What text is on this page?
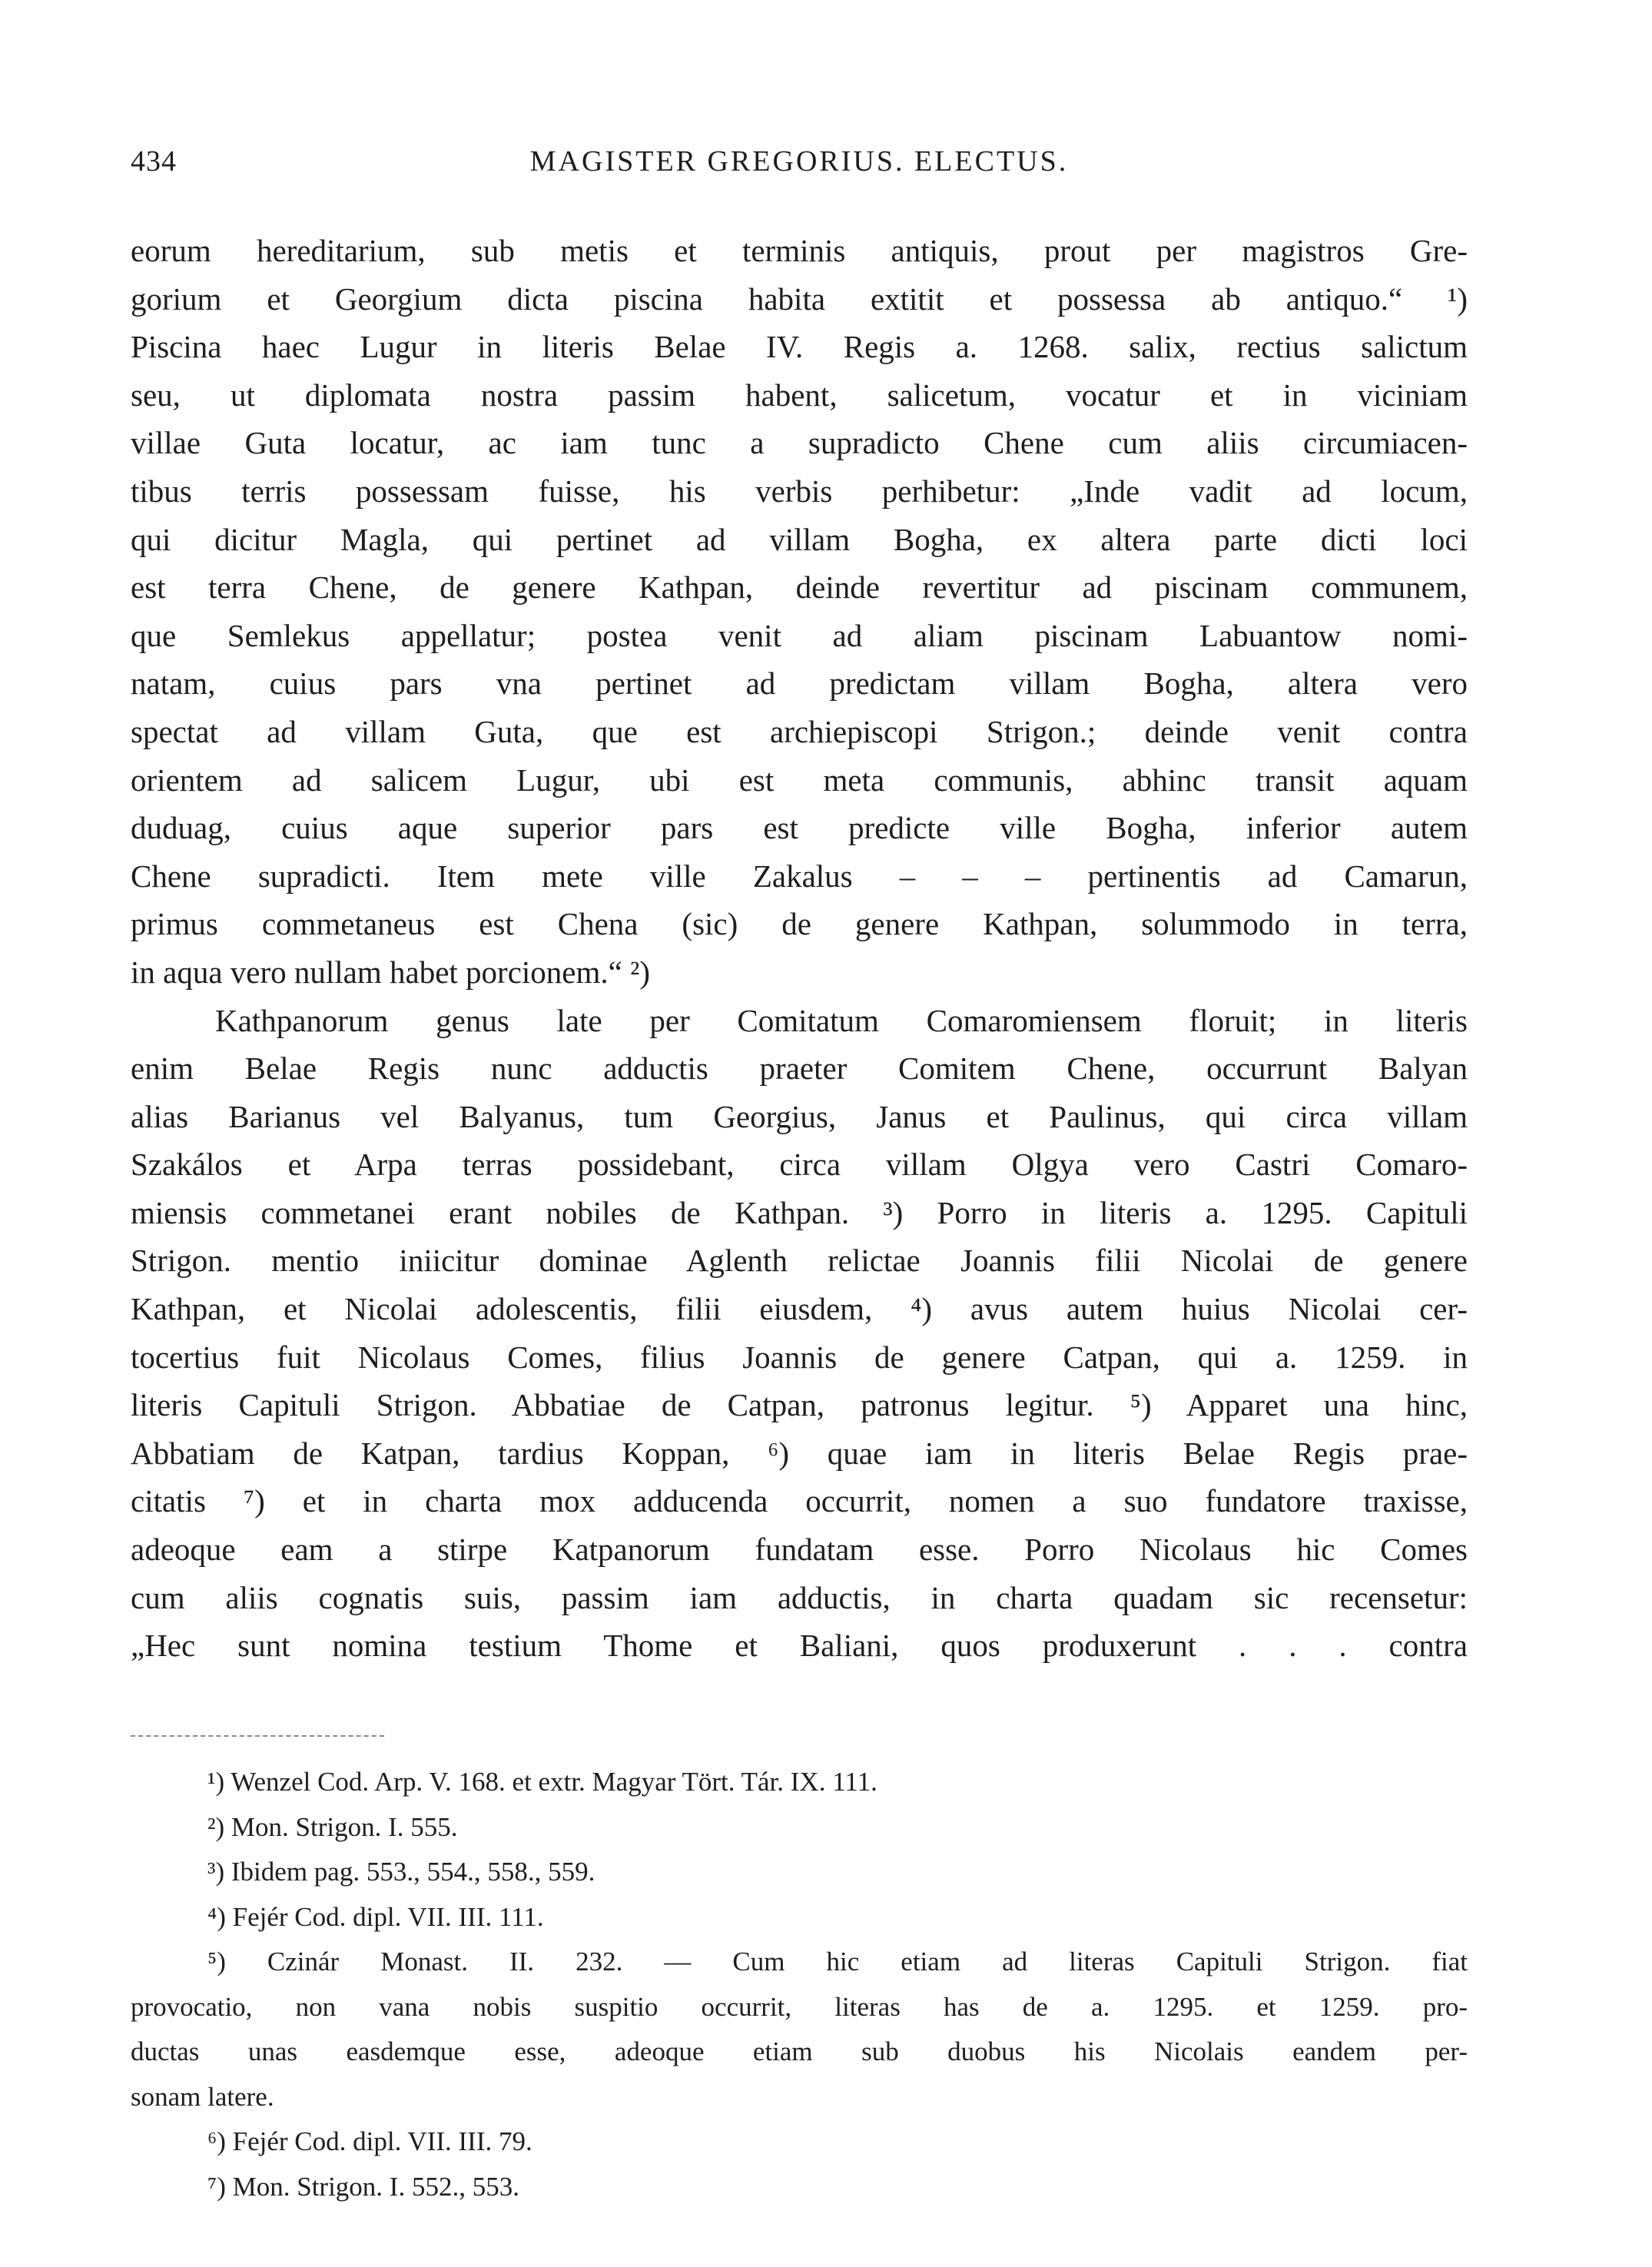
434	MAGISTER GREGORIUS. ELECTUS.
eorum hereditarium, sub metis et terminis antiquis, prout per magistros Gre-
gorium et Georgium dicta piscina habita extitit et possessa ab antiquo.“ ¹)
Piscina haec Lugur in literis Belae IV. Regis a. 1268. salix, rectius salictum
seu, ut diplomata nostra passim habent, salicetum, vocatur et in viciniam
villae Guta locatur, ac iam tunc a supradicto Chene cum aliis circumiacen-
tibus terris possessam fuisse, his verbis perhibetur: „Inde vadit ad locum,
qui dicitur Magla, qui pertinet ad villam Bogha, ex altera parte dicti loci
est terra Chene, de genere Kathpan, deinde revertitur ad piscinam communem,
que Semlekus appellatur; postea venit ad aliam piscinam Labuantow nomi-
natam, cuius pars vna pertinet ad predictam villam Bogha, altera vero
spectat ad villam Guta, que est archiepiscopi Strigon.; deinde venit contra
orientem ad salicem Lugur, ubi est meta communis, abhinc transit aquam
duduag, cuius aque superior pars est predicte ville Bogha, inferior autem
Chene supradicti. Item mete ville Zakalus – – – pertinentis ad Camarun,
primus commetaneus est Chena (sic) de genere Kathpan, solummodo in terra,
in aqua vero nullam habet porcionem.“ ²)
Kathpanorum genus late per Comitatum Comaromiensem floruit; in literis
enim Belae Regis nunc adductis praeter Comitem Chene, occurrunt Balyan
alias Barianus vel Balyanus, tum Georgius, Janus et Paulinus, qui circa villam
Szakálos et Arpa terras possidebant, circa villam Olgya vero Castri Comaro-
miensis commetanei erant nobiles de Kathpan. ³) Porro in literis a. 1295. Capituli
Strigon. mentio iniicitur dominae Aglenth relictae Joannis filii Nicolai de genere
Kathpan, et Nicolai adolescentis, filii eiusdem, ⁴) avus autem huius Nicolai cer-
tocertius fuit Nicolaus Comes, filius Joannis de genere Catpan, qui a. 1259. in
literis Capituli Strigon. Abbatiae de Catpan, patronus legitur. ⁵) Apparet una hinc,
Abbatiam de Katpan, tardius Koppan, ⁶) quae iam in literis Belae Regis prae-
citatis ⁷) et in charta mox adducenda occurrit, nomen a suo fundatore traxisse,
adeoque eam a stirpe Katpanorum fundatam esse. Porro Nicolaus hic Comes
cum aliis cognatis suis, passim iam adductis, in charta quadam sic recensetur:
„Hec sunt nomina testium Thome et Baliani, quos produxerunt . . . contra
¹) Wenzel Cod. Arp. V. 168. et extr. Magyar Tört. Tár. IX. 111.
²) Mon. Strigon. I. 555.
³) Ibidem pag. 553., 554., 558., 559.
⁴) Fejér Cod. dipl. VII. III. 111.
⁵) Czinár Monast. II. 232. — Cum hic etiam ad literas Capituli Strigon. fiat
provocatio, non vana nobis suspitio occurrit, literas has de a. 1295. et 1259. pro-
ductas unas easdemque esse, adeoque etiam sub duobus his Nicolais eandem per-
sonam latere.
⁶) Fejér Cod. dipl. VII. III. 79.
⁷) Mon. Strigon. I. 552., 553.
